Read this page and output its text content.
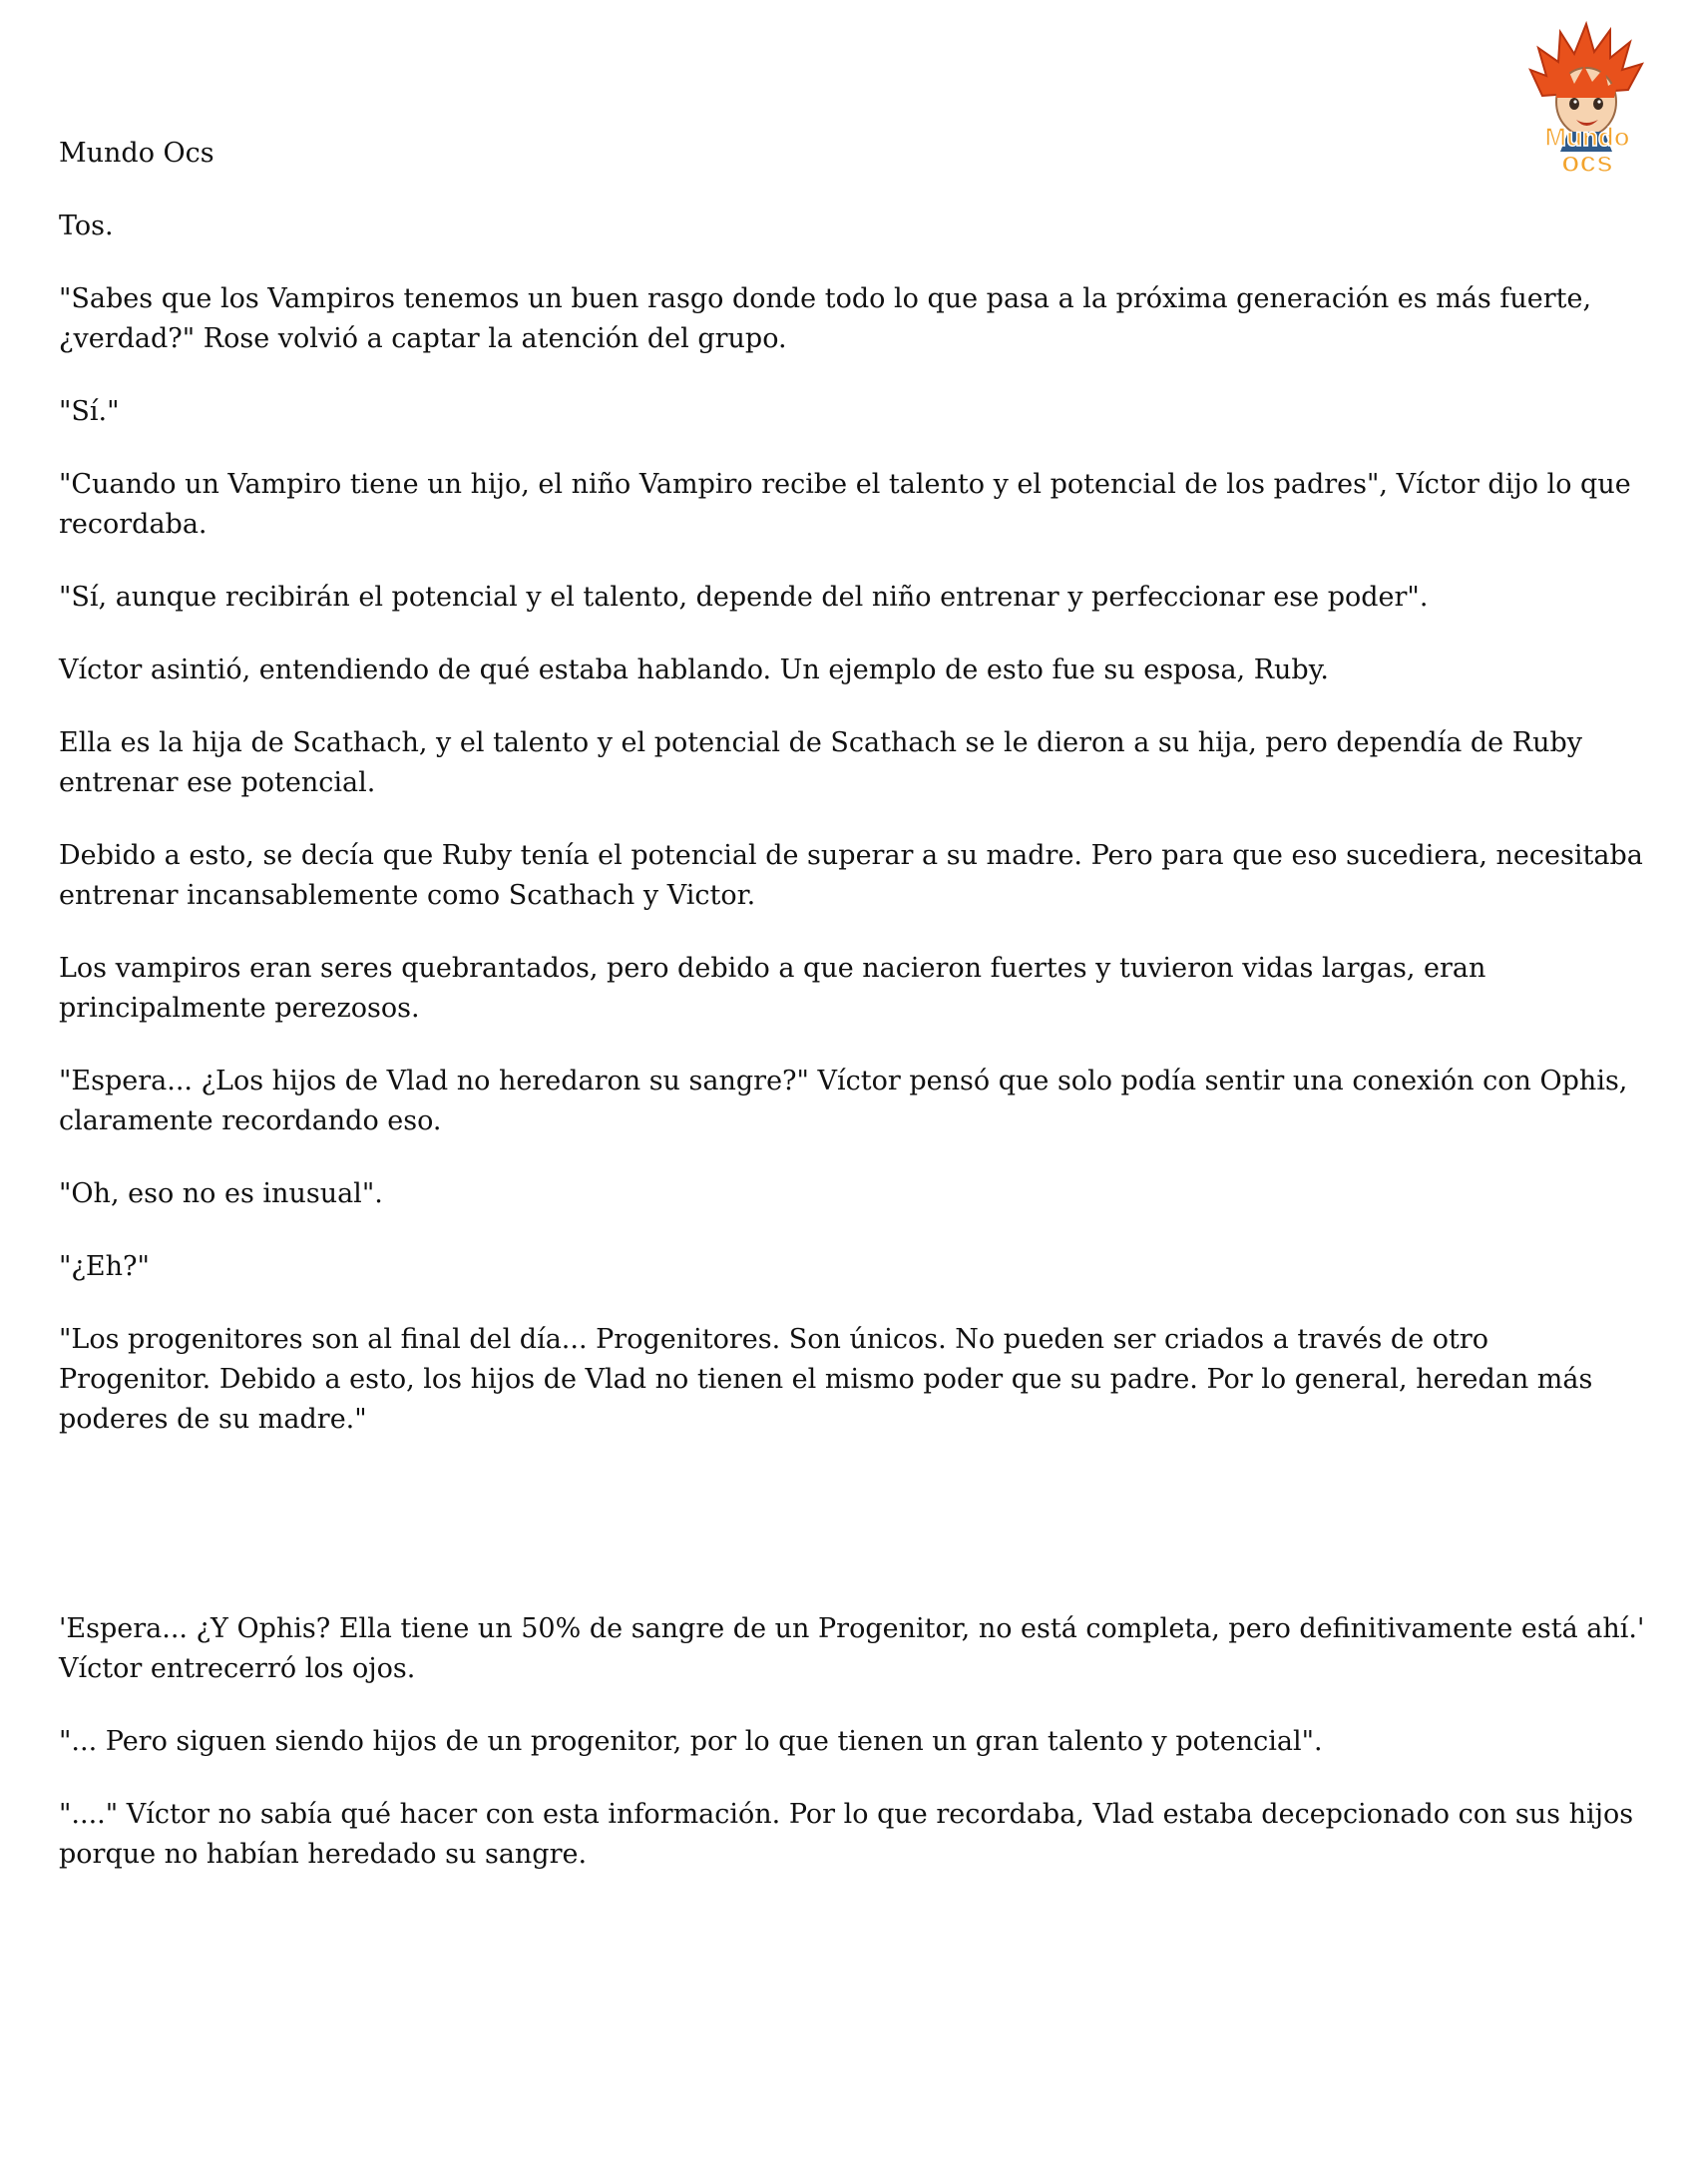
Mundo
ocs

Mundo Ocs

Tos.

"Sabes que los Vampiros tenemos un buen rasgo donde todo lo que pasa a la próxima generación es más fuerte, ¿verdad?" Rose volvió a captar la atención del grupo.

"Sí."

"Cuando un Vampiro tiene un hijo, el niño Vampiro recibe el talento y el potencial de los padres", Víctor dijo lo que recordaba.

"Sí, aunque recibirán el potencial y el talento, depende del niño entrenar y perfeccionar ese poder".

Víctor asintió, entendiendo de qué estaba hablando. Un ejemplo de esto fue su esposa, Ruby.

Ella es la hija de Scathach, y el talento y el potencial de Scathach se le dieron a su hija, pero dependía de Ruby entrenar ese potencial.

Debido a esto, se decía que Ruby tenía el potencial de superar a su madre. Pero para que eso sucediera, necesitaba entrenar incansablemente como Scathach y Victor.

Los vampiros eran seres quebrantados, pero debido a que nacieron fuertes y tuvieron vidas largas, eran principalmente perezosos.

"Espera... ¿Los hijos de Vlad no heredaron su sangre?" Víctor pensó que solo podía sentir una conexión con Ophis, claramente recordando eso.

"Oh, eso no es inusual".

"¿Eh?"

"Los progenitores son al final del día... Progenitores. Son únicos. No pueden ser criados a través de otro Progenitor. Debido a esto, los hijos de Vlad no tienen el mismo poder que su padre. Por lo general, heredan más poderes de su madre."

'Espera... ¿Y Ophis? Ella tiene un 50% de sangre de un Progenitor, no está completa, pero definitivamente está ahí.' Víctor entrecerró los ojos.

"... Pero siguen siendo hijos de un progenitor, por lo que tienen un gran talento y potencial".

"...." Víctor no sabía qué hacer con esta información. Por lo que recordaba, Vlad estaba decepcionado con sus hijos porque no habían heredado su sangre.
